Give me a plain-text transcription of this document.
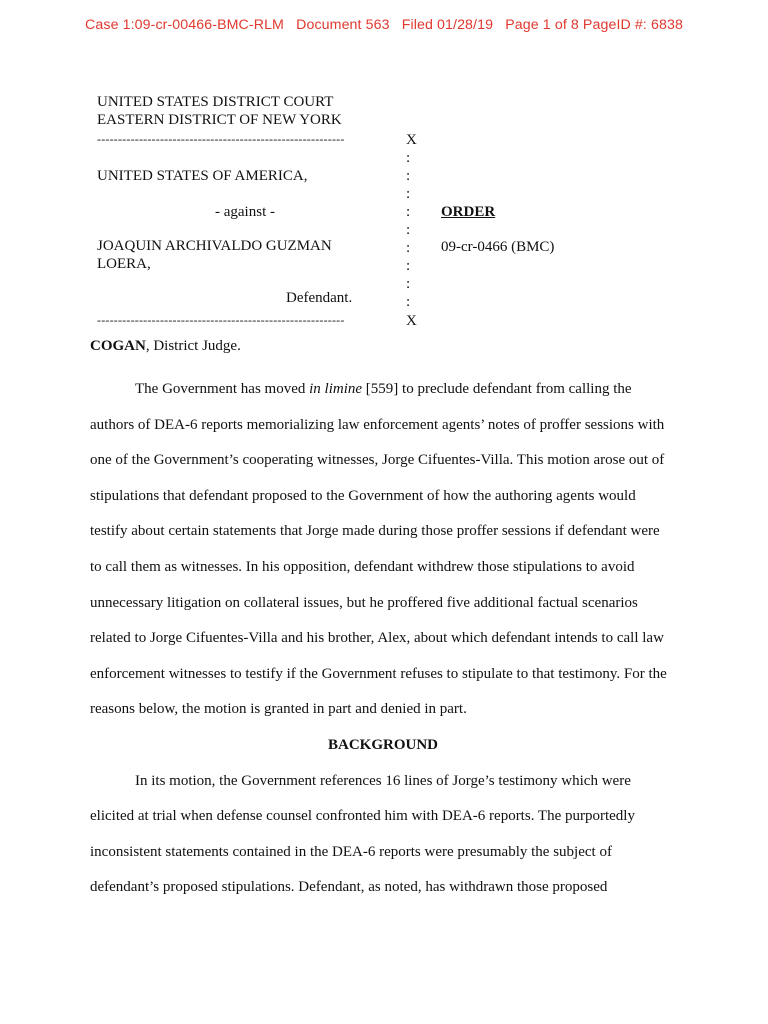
Case 1:09-cr-00466-BMC-RLM Document 563 Filed 01/28/19 Page 1 of 8 PageID #: 6838
UNITED STATES DISTRICT COURT
EASTERN DISTRICT OF NEW YORK
-----------------------------------------------------------	X
:
:
:
:
:
:
:
:
:
UNITED STATES OF AMERICA,
- against -
JOAQUIN ARCHIVALDO GUZMAN
LOERA,
Defendant.
-----------------------------------------------------------	X
ORDER
09-cr-0466 (BMC)
COGAN, District Judge.

The Government has moved in limine [559] to preclude defendant from calling the

authors of DEA-6 reports memorializing law enforcement agents’ notes of proffer sessions with

one of the Government’s cooperating witnesses, Jorge Cifuentes-Villa. This motion arose out of

stipulations that defendant proposed to the Government of how the authoring agents would

testify about certain statements that Jorge made during those proffer sessions if defendant were

to call them as witnesses. In his opposition, defendant withdrew those stipulations to avoid

unnecessary litigation on collateral issues, but he proffered five additional factual scenarios

related to Jorge Cifuentes-Villa and his brother, Alex, about which defendant intends to call law

enforcement witnesses to testify if the Government refuses to stipulate to that testimony. For the

reasons below, the motion is granted in part and denied in part.

BACKGROUND

In its motion, the Government references 16 lines of Jorge’s testimony which were

elicited at trial when defense counsel confronted him with DEA-6 reports. The purportedly

inconsistent statements contained in the DEA-6 reports were presumably the subject of

defendant’s proposed stipulations. Defendant, as noted, has withdrawn those proposed
